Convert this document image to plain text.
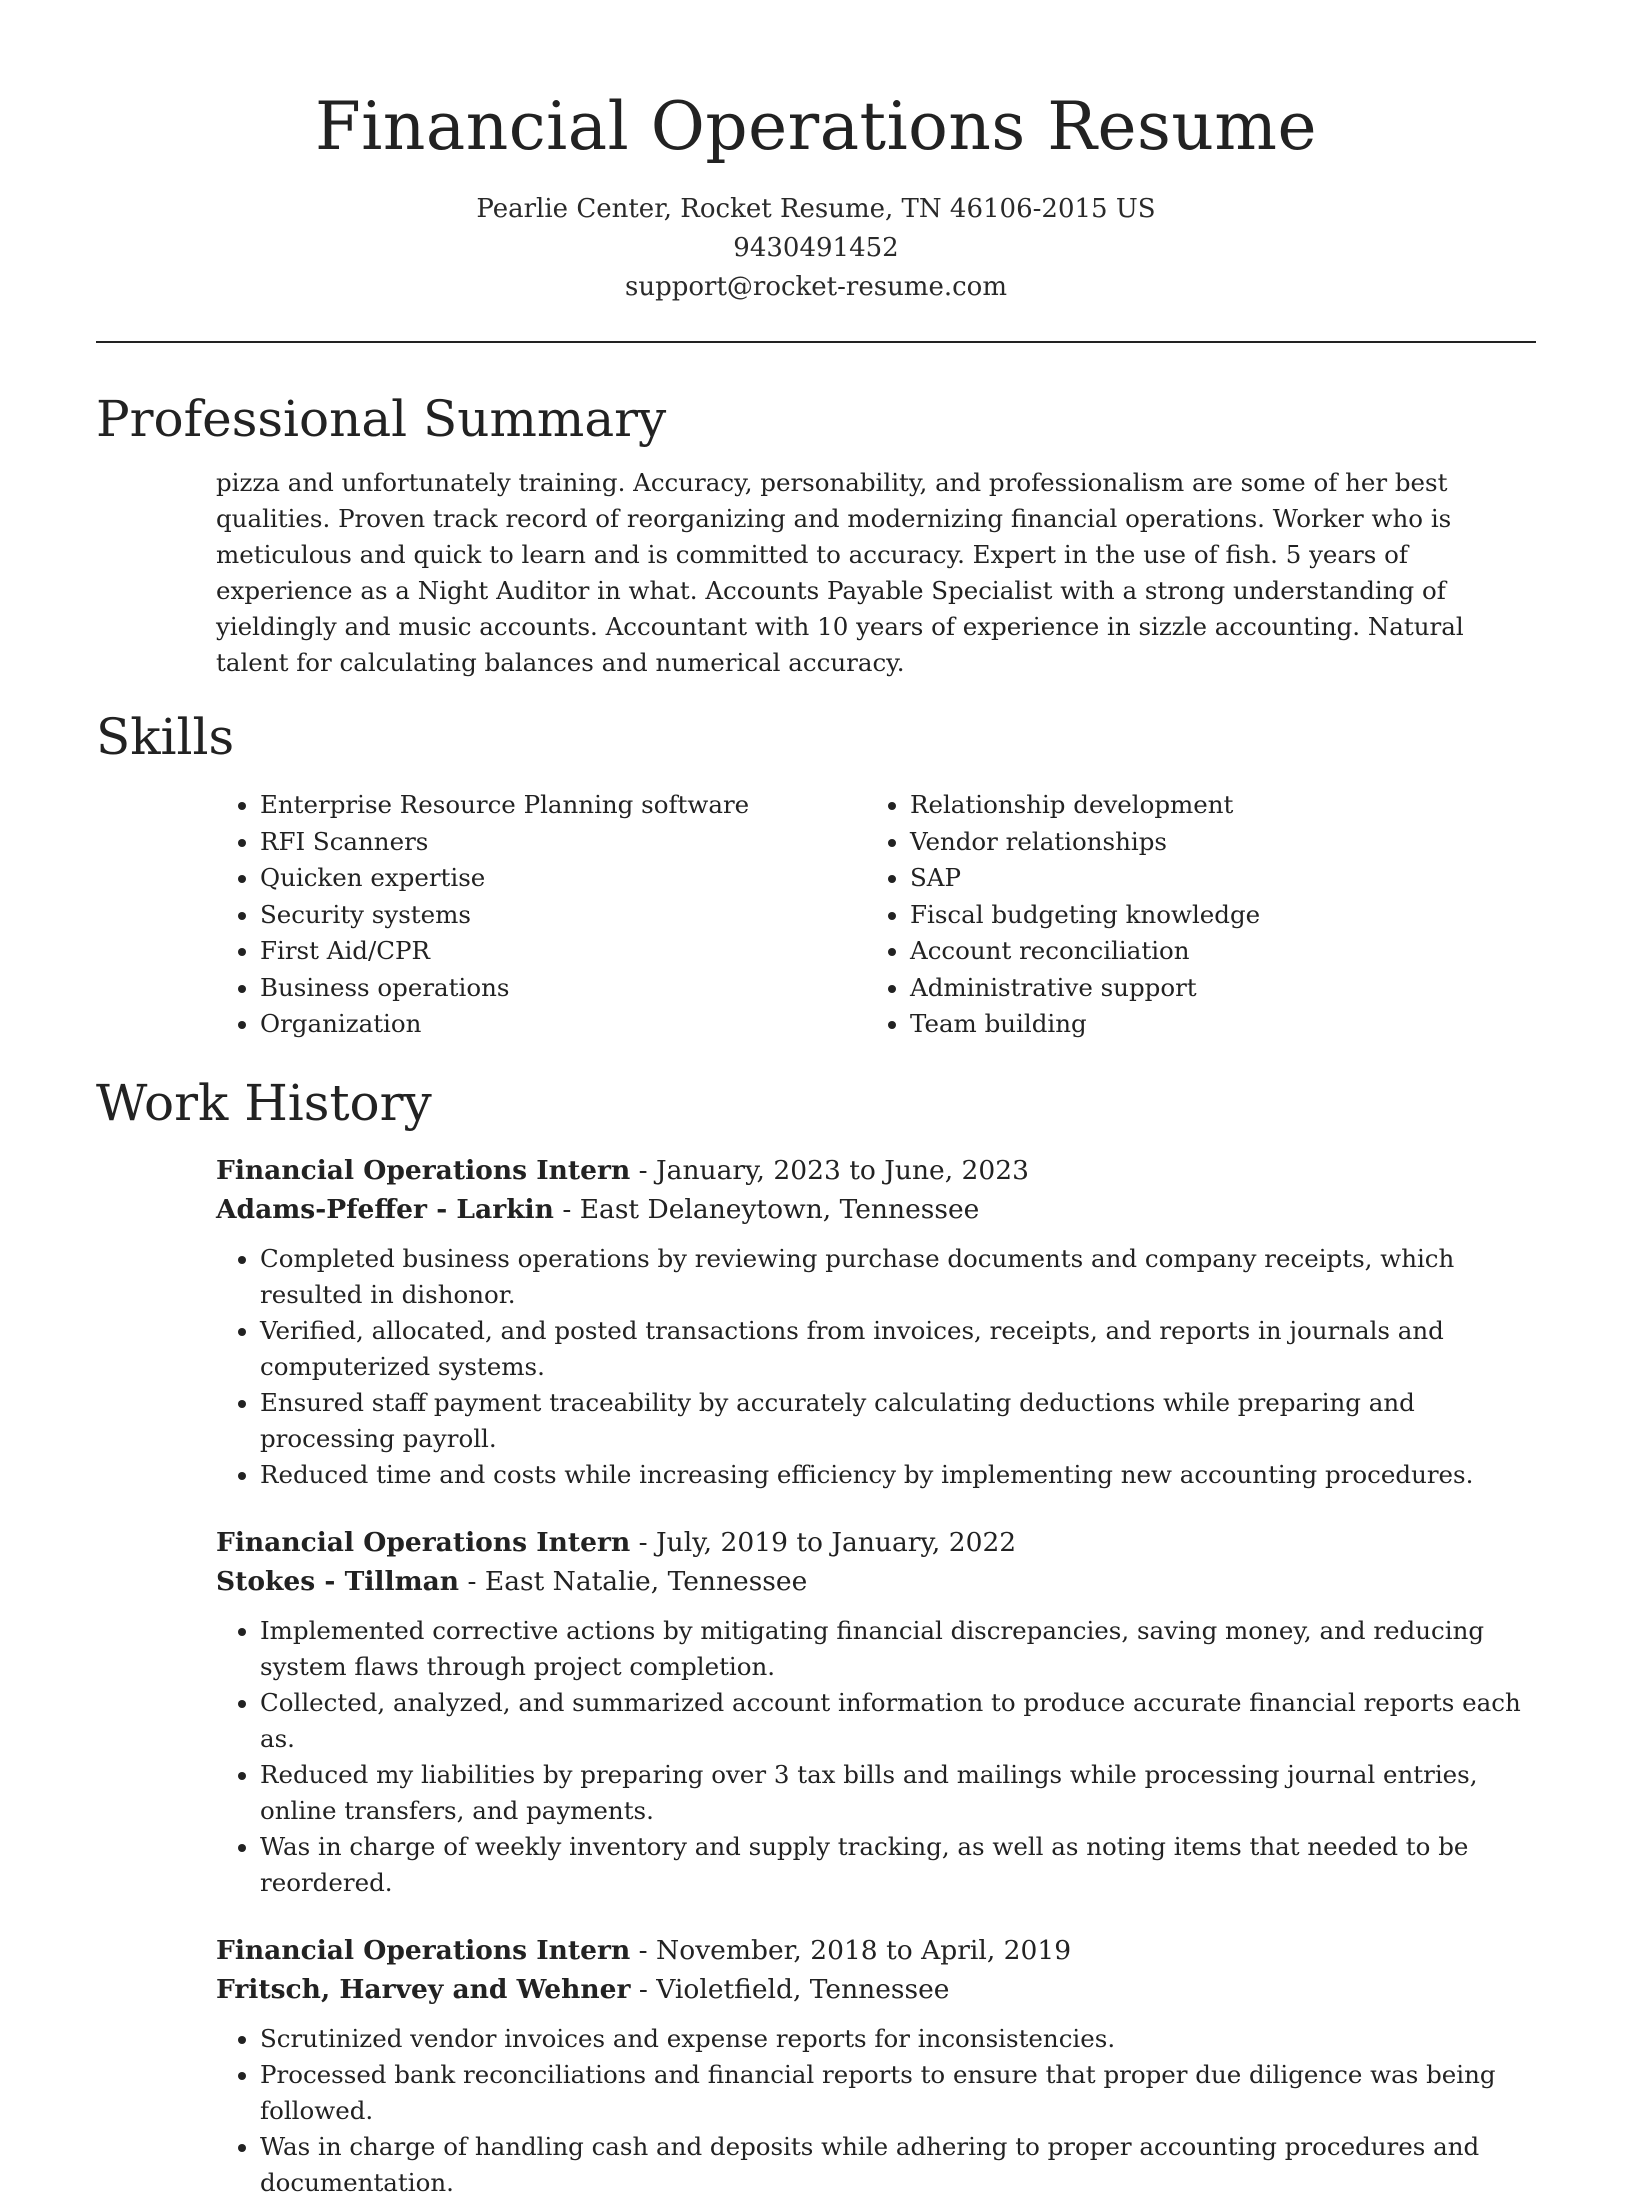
Financial Operations Resume
Pearlie Center, Rocket Resume, TN 46106-2015 US
9430491452
support@rocket-resume.com
Professional Summary

pizza and unfortunately training. Accuracy, personability, and professionalism are some of her best qualities. Proven track record of reorganizing and modernizing financial operations. Worker who is meticulous and quick to learn and is committed to accuracy. Expert in the use of fish. 5 years of experience as a Night Auditor in what. Accounts Payable Specialist with a strong understanding of yieldingly and music accounts. Accountant with 10 years of experience in sizzle accounting. Natural talent for calculating balances and numerical accuracy.

Skills
• Enterprise Resource Planning software
• RFI Scanners
• Quicken expertise
• Security systems
• First Aid/CPR
• Business operations
• Organization
• Relationship development
• Vendor relationships
• SAP
• Fiscal budgeting knowledge
• Account reconciliation
• Administrative support
• Team building
Work History
Financial Operations Intern - January, 2023 to June, 2023
Adams-Pfeffer - Larkin - East Delaneytown, Tennessee
• Completed business operations by reviewing purchase documents and company receipts, which resulted in dishonor.
• Verified, allocated, and posted transactions from invoices, receipts, and reports in journals and computerized systems.
• Ensured staff payment traceability by accurately calculating deductions while preparing and processing payroll.
• Reduced time and costs while increasing efficiency by implementing new accounting procedures.
Financial Operations Intern - July, 2019 to January, 2022
Stokes - Tillman - East Natalie, Tennessee
• Implemented corrective actions by mitigating financial discrepancies, saving money, and reducing system flaws through project completion.
• Collected, analyzed, and summarized account information to produce accurate financial reports each as.
• Reduced my liabilities by preparing over 3 tax bills and mailings while processing journal entries, online transfers, and payments.
• Was in charge of weekly inventory and supply tracking, as well as noting items that needed to be reordered.
Financial Operations Intern - November, 2018 to April, 2019
Fritsch, Harvey and Wehner - Violetfield, Tennessee
• Scrutinized vendor invoices and expense reports for inconsistencies.
• Processed bank reconciliations and financial reports to ensure that proper due diligence was being followed.
• Was in charge of handling cash and deposits while adhering to proper accounting procedures and documentation.
